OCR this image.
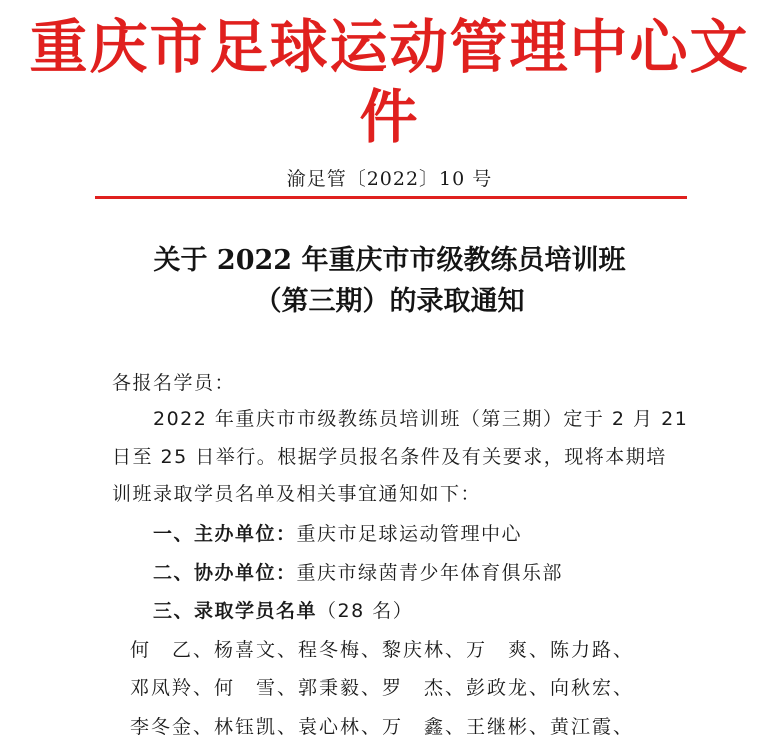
重庆市足球运动管理中心文件
渝足管〔2022〕10 号
关于 2022 年重庆市市级教练员培训班
（第三期）的录取通知
各报名学员：
2022 年重庆市市级教练员培训班（第三期）定于 2 月 21
日至 25 日举行。根据学员报名条件及有关要求，现将本期培
训班录取学员名单及相关事宜通知如下：
一、主办单位：重庆市足球运动管理中心
二、协办单位：重庆市绿茵青少年体育俱乐部
三、录取学员名单（28 名）
何　乙、杨喜文、程冬梅、黎庆林、万　爽、陈力路、
邓凤羚、何　雪、郭秉毅、罗　杰、彭政龙、向秋宏、
李冬金、林钰凯、袁心林、万　鑫、王继彬、黄江霞、
